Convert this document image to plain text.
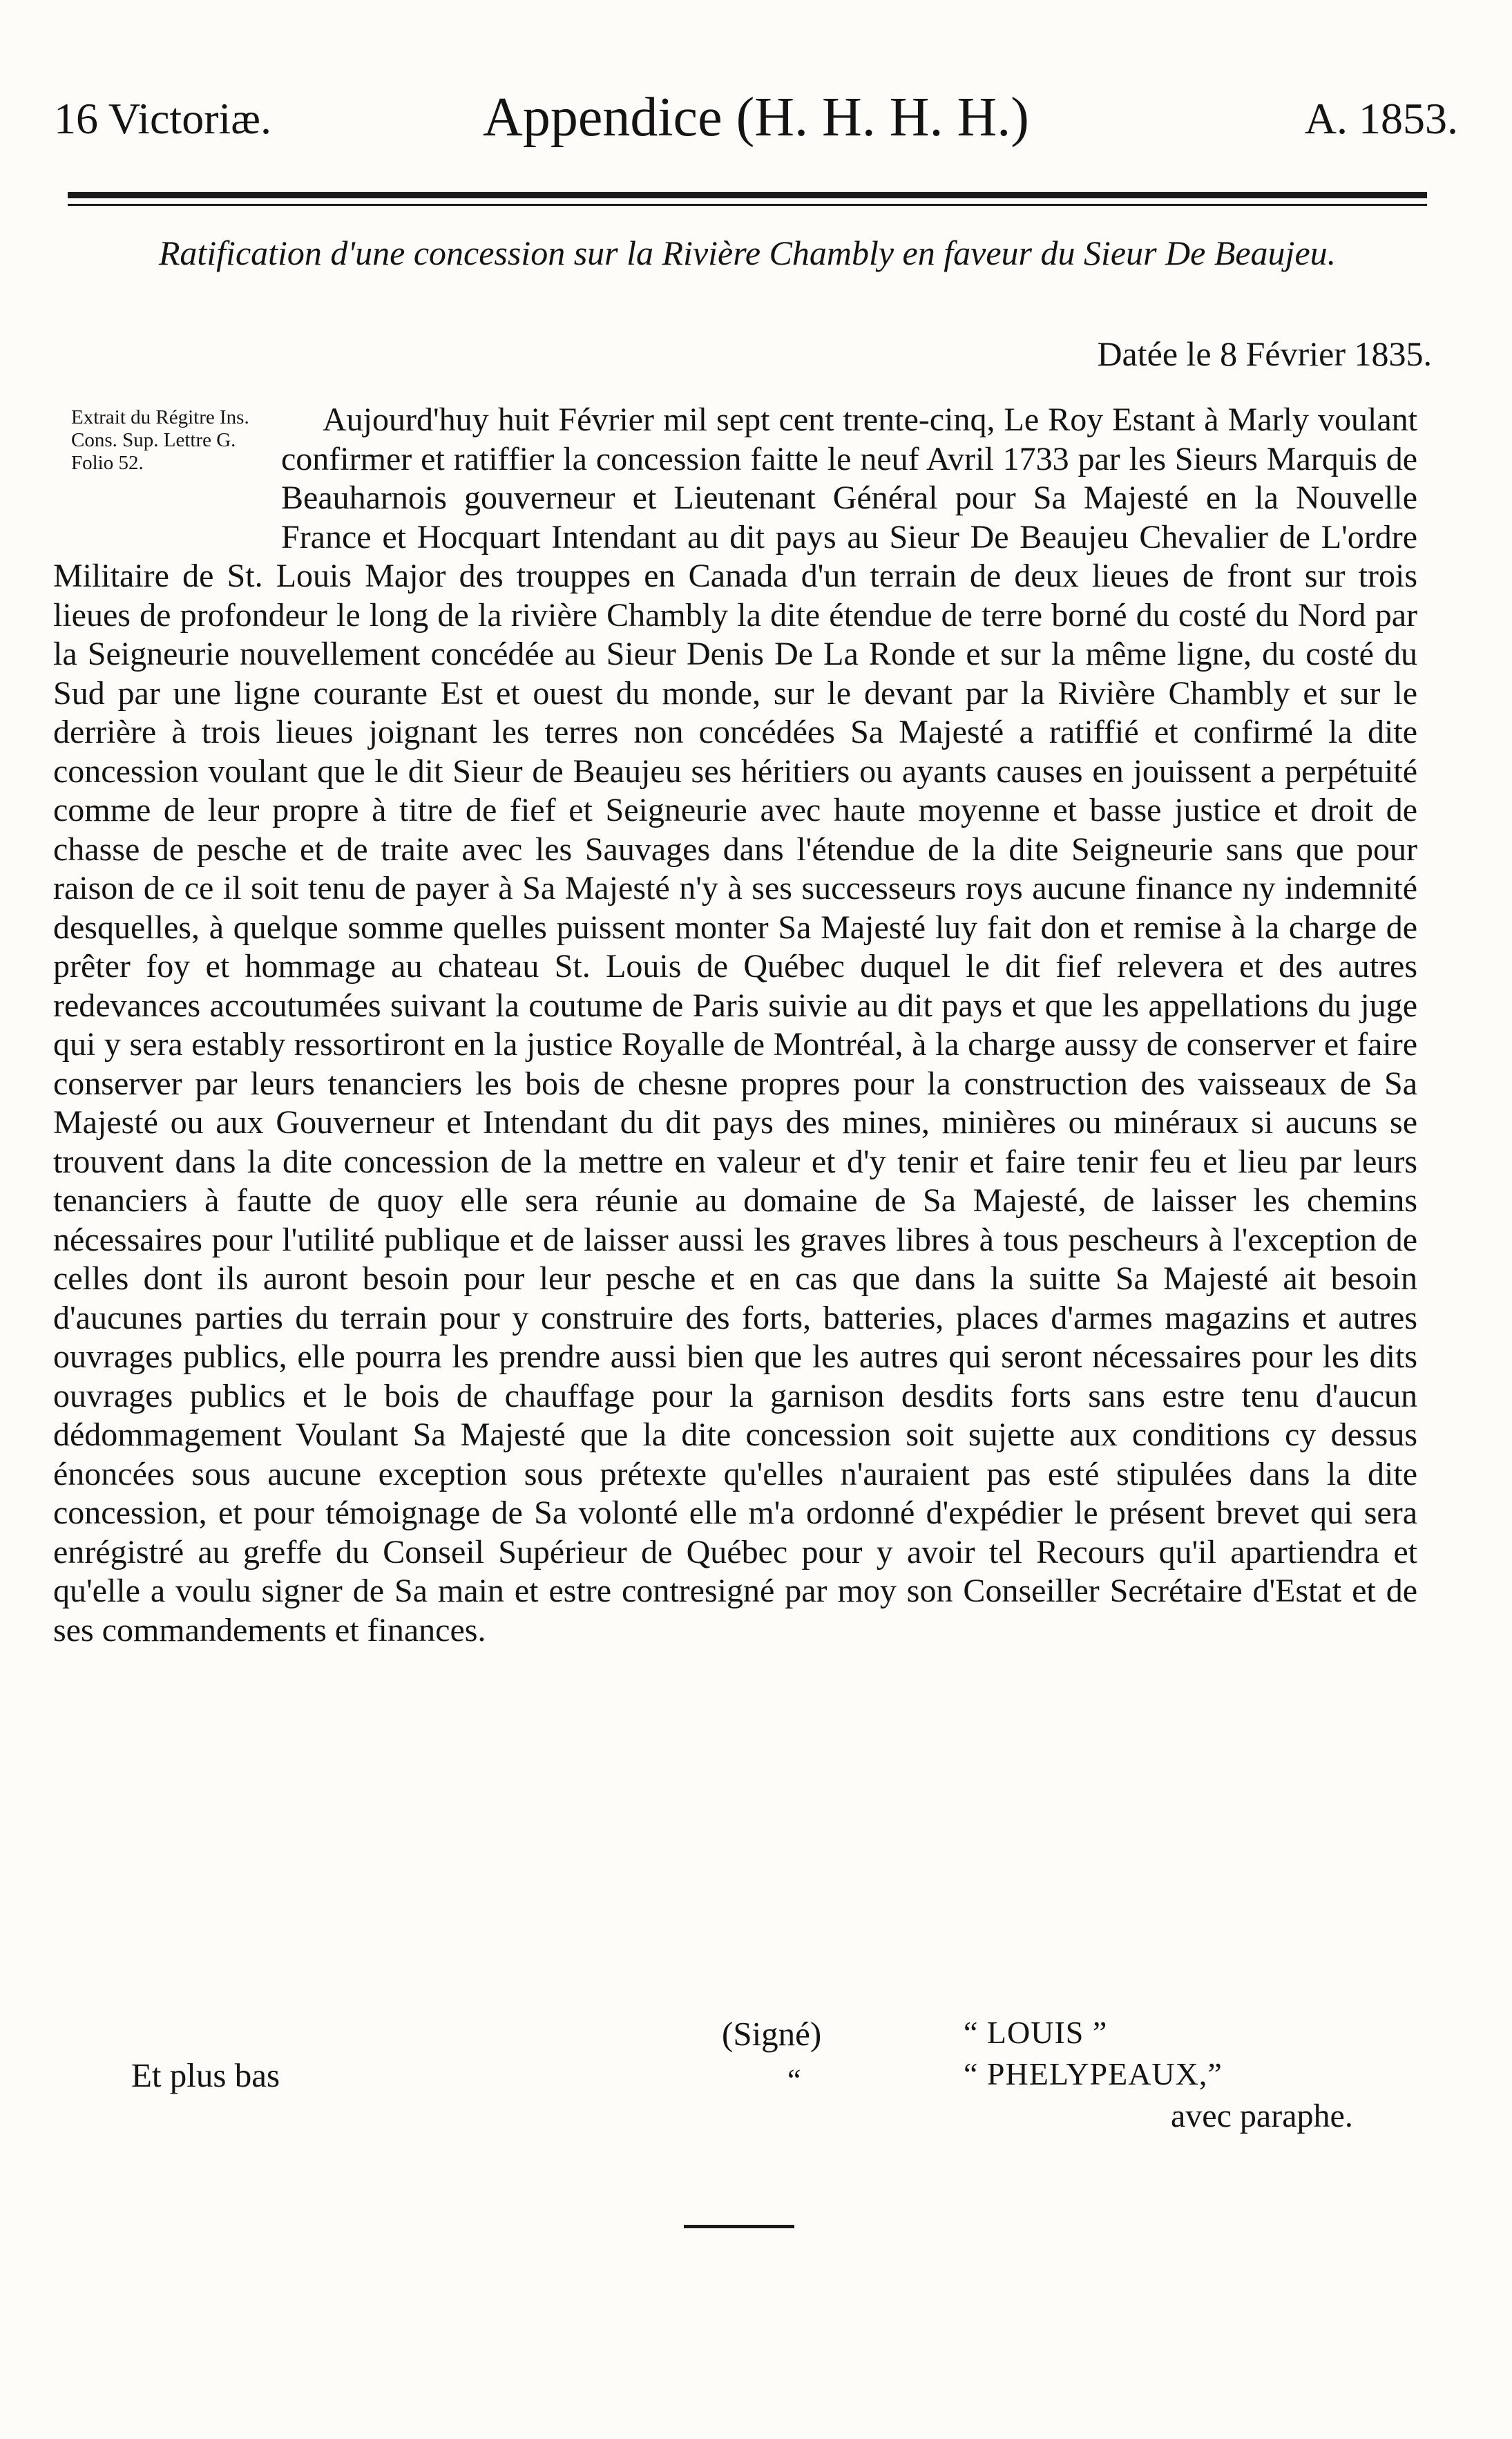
16 Victoriæ.	Appendice (H. H. H. H.)	A. 1853.
Ratification d'une concession sur la Rivière Chambly en faveur du Sieur De Beaujeu.
Datée le 8 Février 1835.
Extrait du Régitre Ins. Cons. Sup. Lettre G. Folio 52.
Aujourd'huy huit Février mil sept cent trente-cinq, Le Roy Estant à Marly voulant confirmer et ratiffier la concession faitte le neuf Avril 1733 par les Sieurs Marquis de Beauharnois gouverneur et Lieutenant Général pour Sa Majesté en la Nouvelle France et Hocquart Intendant au dit pays au Sieur De Beaujeu Chevalier de L'ordre Militaire de St. Louis Major des trouppes en Canada d'un terrain de deux lieues de front sur trois lieues de profondeur le long de la rivière Chambly la dite étendue de terre borné du costé du Nord par la Seigneurie nouvellement concédée au Sieur Denis De La Ronde et sur la même ligne, du costé du Sud par une ligne courante Est et ouest du monde, sur le devant par la Rivière Chambly et sur le derrière à trois lieues joignant les terres non concédées Sa Majesté a ratiffié et confirmé la dite concession voulant que le dit Sieur de Beaujeu ses héritiers ou ayants causes en jouissent a perpétuité comme de leur propre à titre de fief et Seigneurie avec haute moyenne et basse justice et droit de chasse de pesche et de traite avec les Sauvages dans l'étendue de la dite Seigneurie sans que pour raison de ce il soit tenu de payer à Sa Majesté n'y à ses successeurs roys aucune finance ny indemnité desquelles, à quelque somme quelles puissent monter Sa Majesté luy fait don et remise à la charge de prêter foy et hommage au chateau St. Louis de Québec duquel le dit fief relevera et des autres redevances accoutumées suivant la coutume de Paris suivie au dit pays et que les appellations du juge qui y sera estably ressortiront en la justice Royalle de Montréal, à la charge aussy de conserver et faire conserver par leurs tenanciers les bois de chesne propres pour la construction des vaisseaux de Sa Majesté ou aux Gouverneur et Intendant du dit pays des mines, minières ou minéraux si aucuns se trouvent dans la dite concession de la mettre en valeur et d'y tenir et faire tenir feu et lieu par leurs tenanciers à fautte de quoy elle sera réunie au domaine de Sa Majesté, de laisser les chemins nécessaires pour l'utilité publique et de laisser aussi les graves libres à tous pescheurs à l'exception de celles dont ils auront besoin pour leur pesche et en cas que dans la suitte Sa Majesté ait besoin d'aucunes parties du terrain pour y construire des forts, batteries, places d'armes magazins et autres ouvrages publics, elle pourra les prendre aussi bien que les autres qui seront nécessaires pour les dits ouvrages publics et le bois de chauffage pour la garnison desdits forts sans estre tenu d'aucun dédommagement Voulant Sa Majesté que la dite concession soit sujette aux conditions cy dessus énoncées sous aucune exception sous prétexte qu'elles n'auraient pas esté stipulées dans la dite concession, et pour témoignage de Sa volonté elle m'a ordonné d'expédier le présent brevet qui sera enrégistré au greffe du Conseil Supérieur de Québec pour y avoir tel Recours qu'il apartiendra et qu'elle a voulu signer de Sa main et estre contresigné par moy son Conseiller Secrétaire d'Estat et de ses commandements et finances.
(Signé)	“ LOUIS ”
Et plus bas	“	“ PHELYPEAUX,”
avec paraphe.
